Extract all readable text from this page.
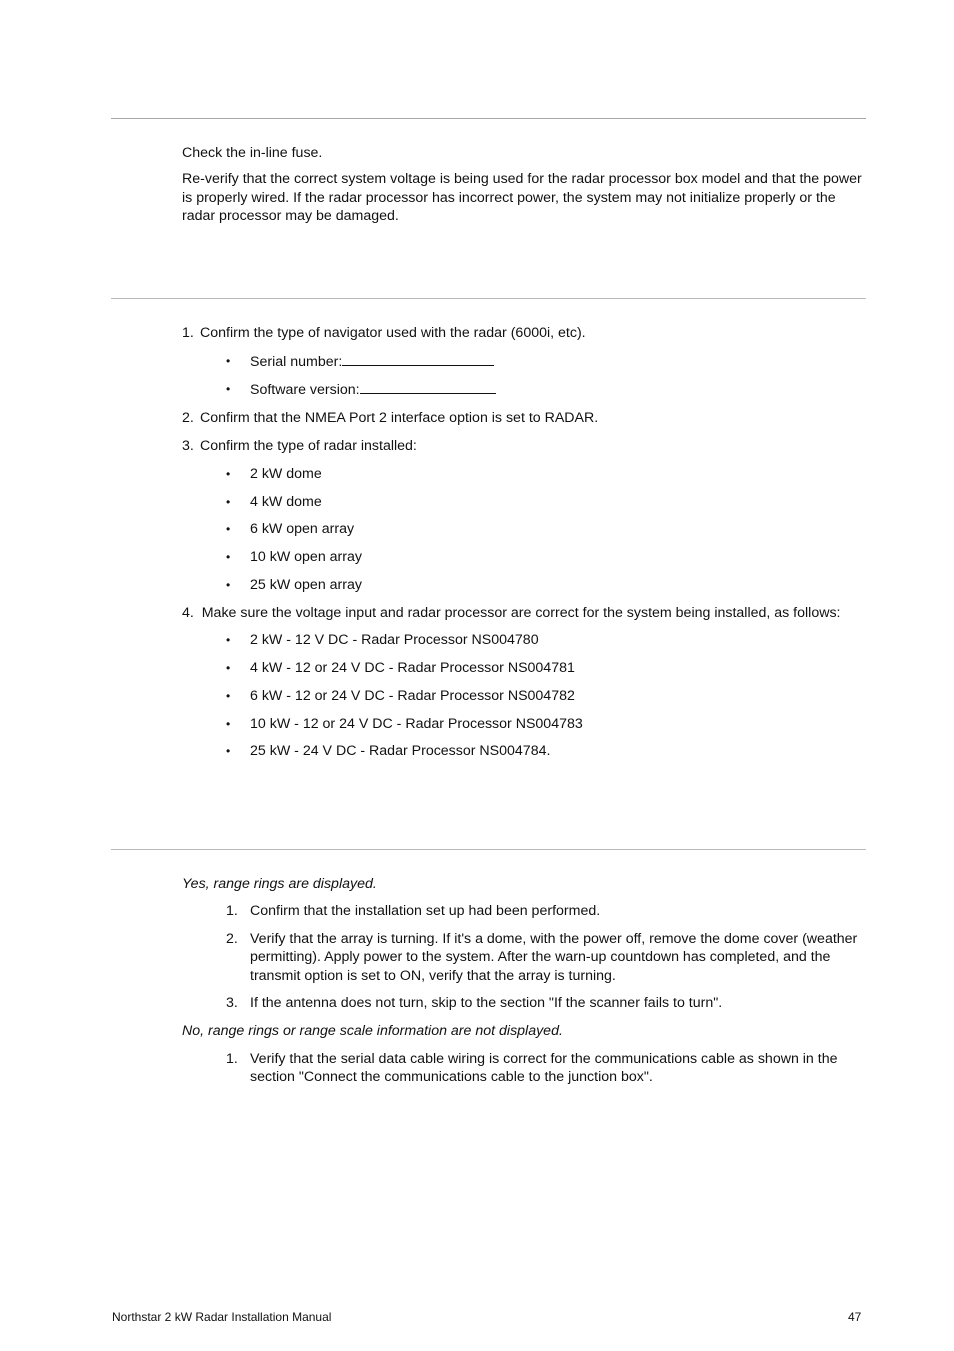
Check the in-line fuse.

Re-verify that the correct system voltage is being used for the radar processor box model and that the power is properly wired. If the radar processor has incorrect power, the system may not initialize properly or the radar processor may be damaged.

1. Confirm the type of navigator used with the radar (6000i, etc).

• Serial number:

• Software version:

2. Confirm that the NMEA Port 2 interface option is set to RADAR.

3. Confirm the type of radar installed:

• 2 kW dome

• 4 kW dome

• 6 kW open array

• 10 kW open array

• 25 kW open array

4. Make sure the voltage input and radar processor are correct for the system being installed, as follows:

• 2 kW - 12 V DC - Radar Processor NS004780

• 4 kW - 12 or 24 V DC - Radar Processor NS004781

• 6 kW - 12 or 24 V DC - Radar Processor NS004782

• 10 kW - 12 or 24 V DC - Radar Processor NS004783

• 25 kW - 24 V DC - Radar Processor NS004784.

Yes, range rings are displayed.

1. Confirm that the installation set up had been performed.

2. Verify that the array is turning. If it's a dome, with the power off, remove the dome cover (weather permitting). Apply power to the system. After the warn-up countdown has completed, and the transmit option is set to ON, verify that the array is turning.

3. If the antenna does not turn, skip to the section "If the scanner fails to turn".

No, range rings or range scale information are not displayed.

1. Verify that the serial data cable wiring is correct for the communications cable as shown in the section "Connect the communications cable to the junction box".

Northstar 2 kW Radar Installation Manual	47
